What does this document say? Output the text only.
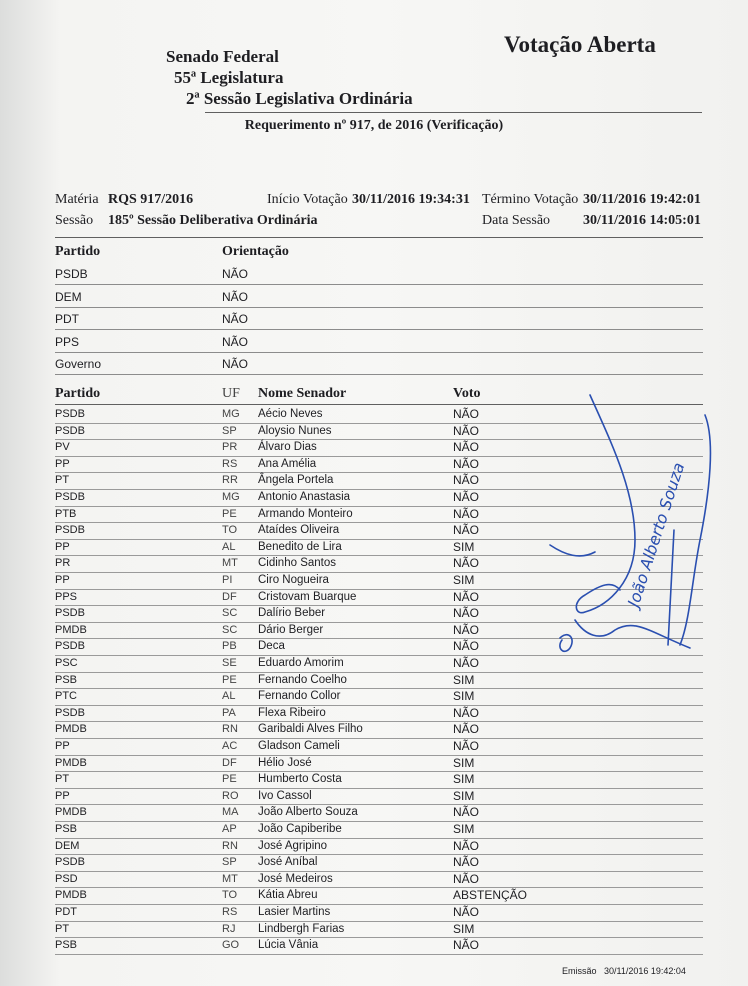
Senado Federal
55ª Legislatura
2ª Sessão Legislativa Ordinária
Votação Aberta
Requerimento nº 917, de 2016 (Verificação)
Matéria RQS 917/2016	Início Votação 30/11/2016 19:34:31 Término Votação 30/11/2016 19:42:01
Sessão 185º Sessão Deliberativa Ordinária	Data Sessão 30/11/2016 14:05:01
Partido	Orientação
PSDB	NÃO
DEM	NÃO
PDT	NÃO
PPS	NÃO
Governo	NÃO
Partido	UF Nome Senador	Voto
PSDB	MG Aécio Neves	NÃO
PSDB	SP Aloysio Nunes	NÃO
PV	PR Álvaro Dias	NÃO
PP	RS Ana Amélia	NÃO
PT	RR Ângela Portela	NÃO
PSDB	MG Antonio Anastasia	NÃO
PTB	PE Armando Monteiro	NÃO
PSDB	TO Ataídes Oliveira	NÃO
PP	AL Benedito de Lira	SIM
PR	MT Cidinho Santos	NÃO
PP	PI Ciro Nogueira	SIM
PPS	DF Cristovam Buarque	NÃO
PSDB	SC Dalírio Beber	NÃO
PMDB	SC Dário Berger	NÃO
PSDB	PB Deca	NÃO
PSC	SE Eduardo Amorim	NÃO
PSB	PE Fernando Coelho	SIM
PTC	AL Fernando Collor	SIM
PSDB	PA Flexa Ribeiro	NÃO
PMDB	RN Garibaldi Alves Filho	NÃO
PP	AC Gladson Cameli	NÃO
PMDB	DF Hélio José	SIM
PT	PE Humberto Costa	SIM
PP	RO Ivo Cassol	SIM
PMDB	MA João Alberto Souza	NÃO
PSB	AP João Capiberibe	SIM
DEM	RN José Agripino	NÃO
PSDB	SP José Aníbal	NÃO
PSD	MT José Medeiros	NÃO
PMDB	TO Kátia Abreu	ABSTENÇÃO
PDT	RS Lasier Martins	NÃO
PT	RJ Lindbergh Farias	SIM
PSB	GO Lúcia Vânia	NÃO
João Alberto Souza
Emissão 30/11/2016 19:42:04
